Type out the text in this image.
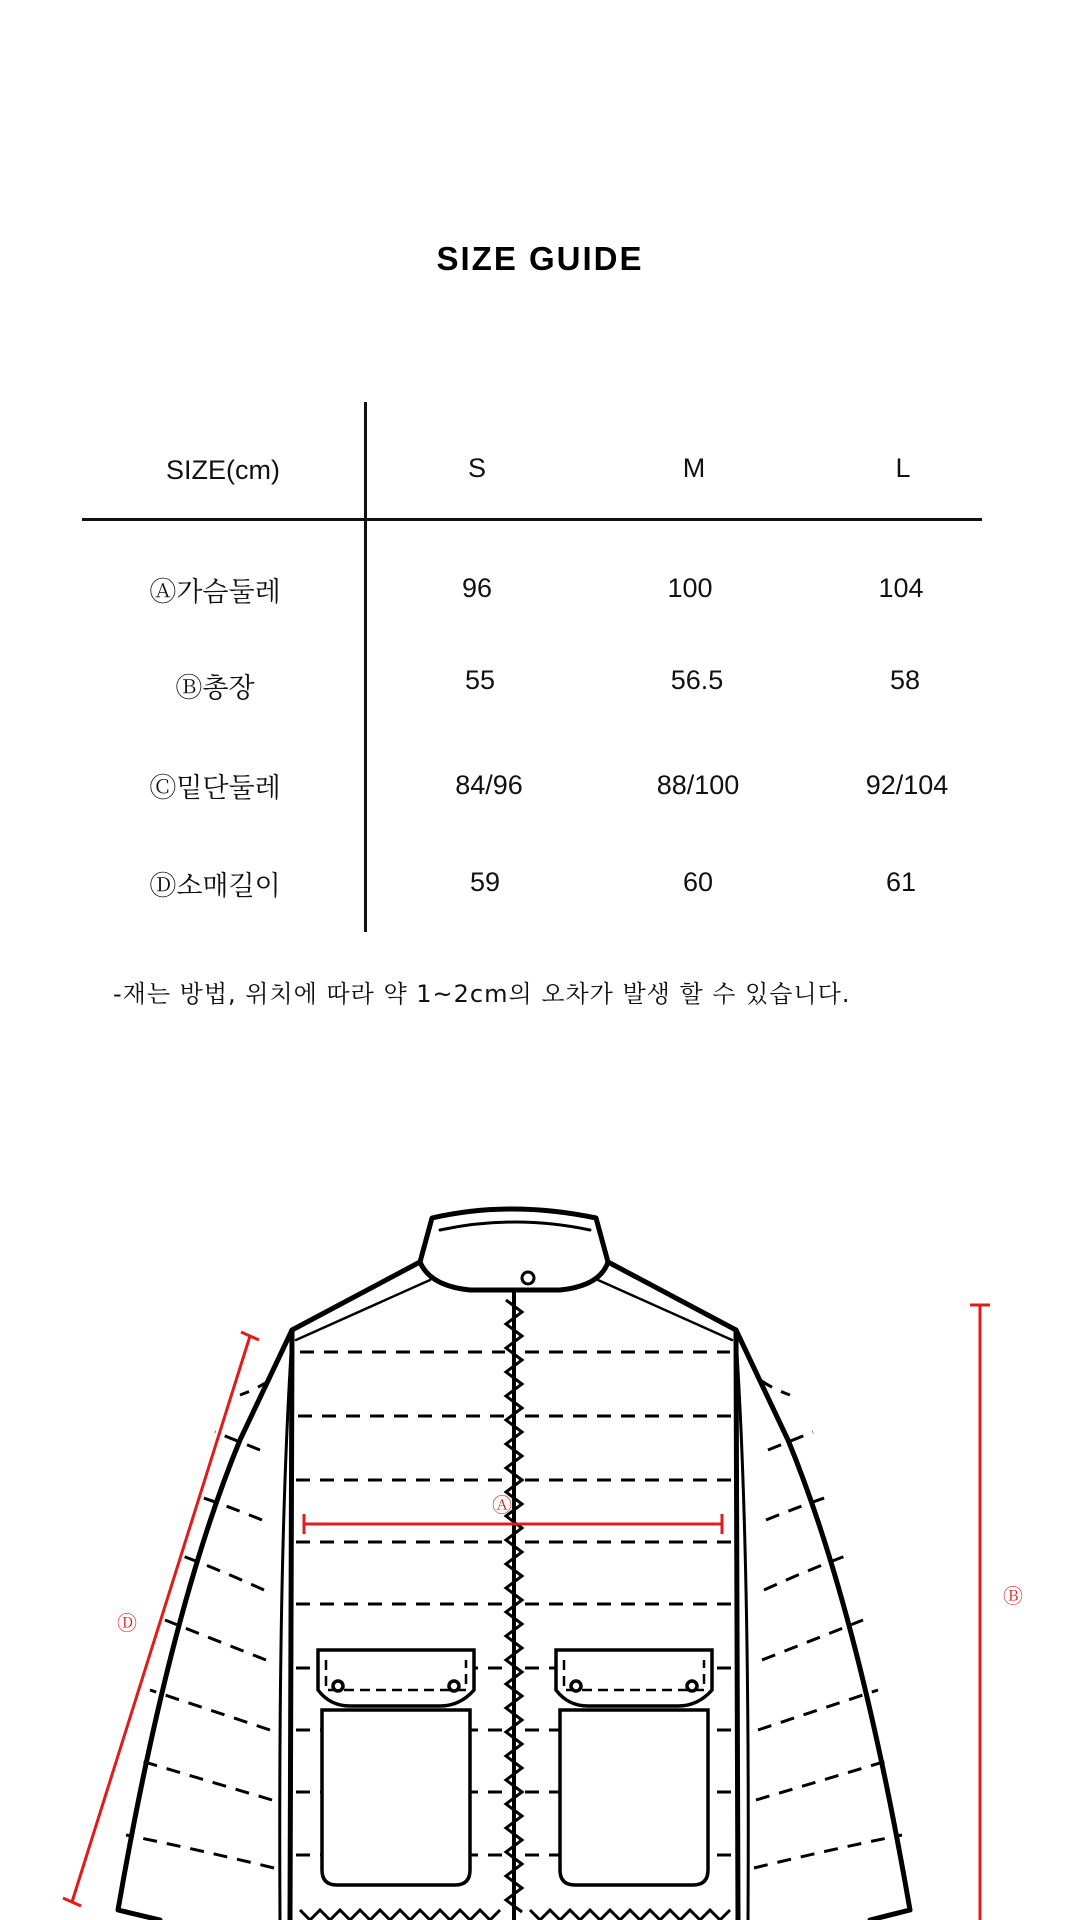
SIZE GUIDE
SIZE(cm)	S	M	L
Ⓐ가슴둘레	96	100	104
Ⓑ총장	55	56.5	58
Ⓒ밑단둘레	84/96	88/100	92/104
Ⓓ소매길이	59	60	61
-재는 방법, 위치에 따라 약 1~2cm의 오차가 발생 할 수 있습니다.
Ⓐ
Ⓑ
Ⓓ
